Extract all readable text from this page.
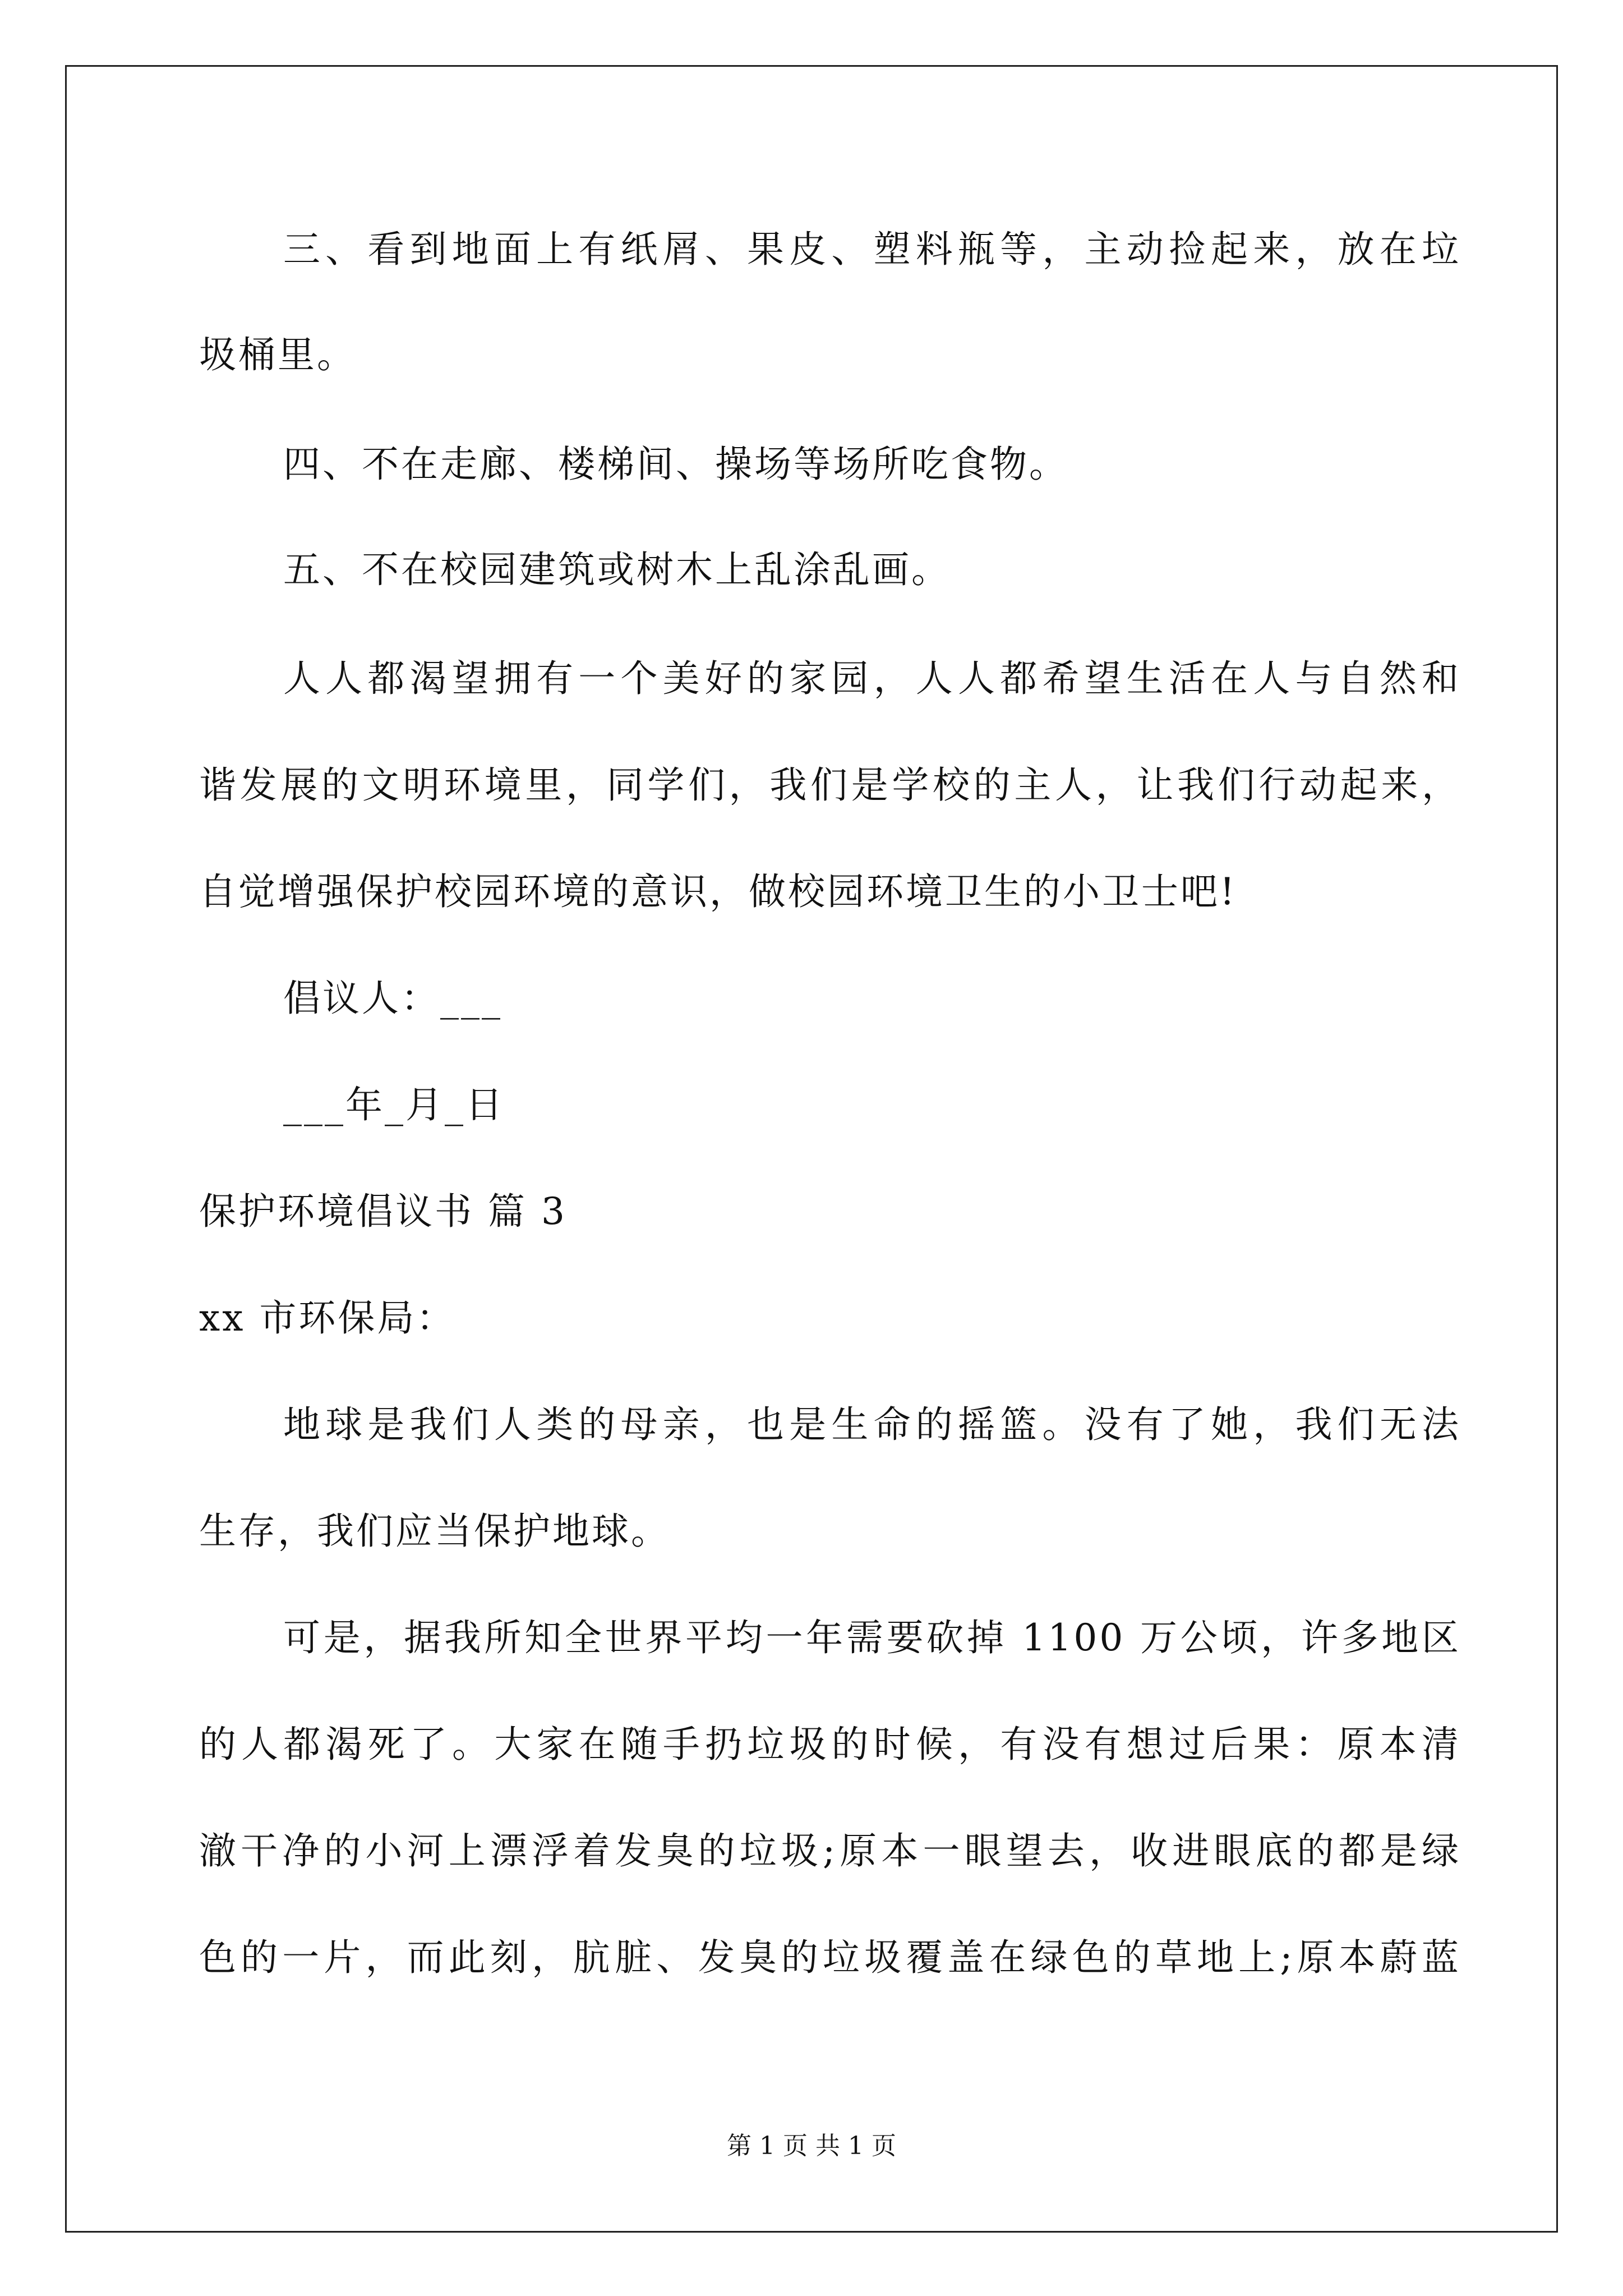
三、看到地面上有纸屑、果皮、塑料瓶等，主动捡起来，放在垃
圾桶里。
四、不在走廊、楼梯间、操场等场所吃食物。
五、不在校园建筑或树木上乱涂乱画。
人人都渴望拥有一个美好的家园，人人都希望生活在人与自然和
谐发展的文明环境里，同学们，我们是学校的主人，让我们行动起来，
自觉增强保护校园环境的意识，做校园环境卫生的小卫士吧!
倡议人：___
___年_月_日
保护环境倡议书 篇 3
xx 市环保局：
地球是我们人类的母亲，也是生命的摇篮。没有了她，我们无法
生存，我们应当保护地球。
可是，据我所知全世界平均一年需要砍掉 1100 万公顷，许多地区
的人都渴死了。大家在随手扔垃圾的时候，有没有想过后果：原本清
澈干净的小河上漂浮着发臭的垃圾;原本一眼望去，收进眼底的都是绿
色的一片，而此刻，肮脏、发臭的垃圾覆盖在绿色的草地上;原本蔚蓝
第 1 页 共 1 页
